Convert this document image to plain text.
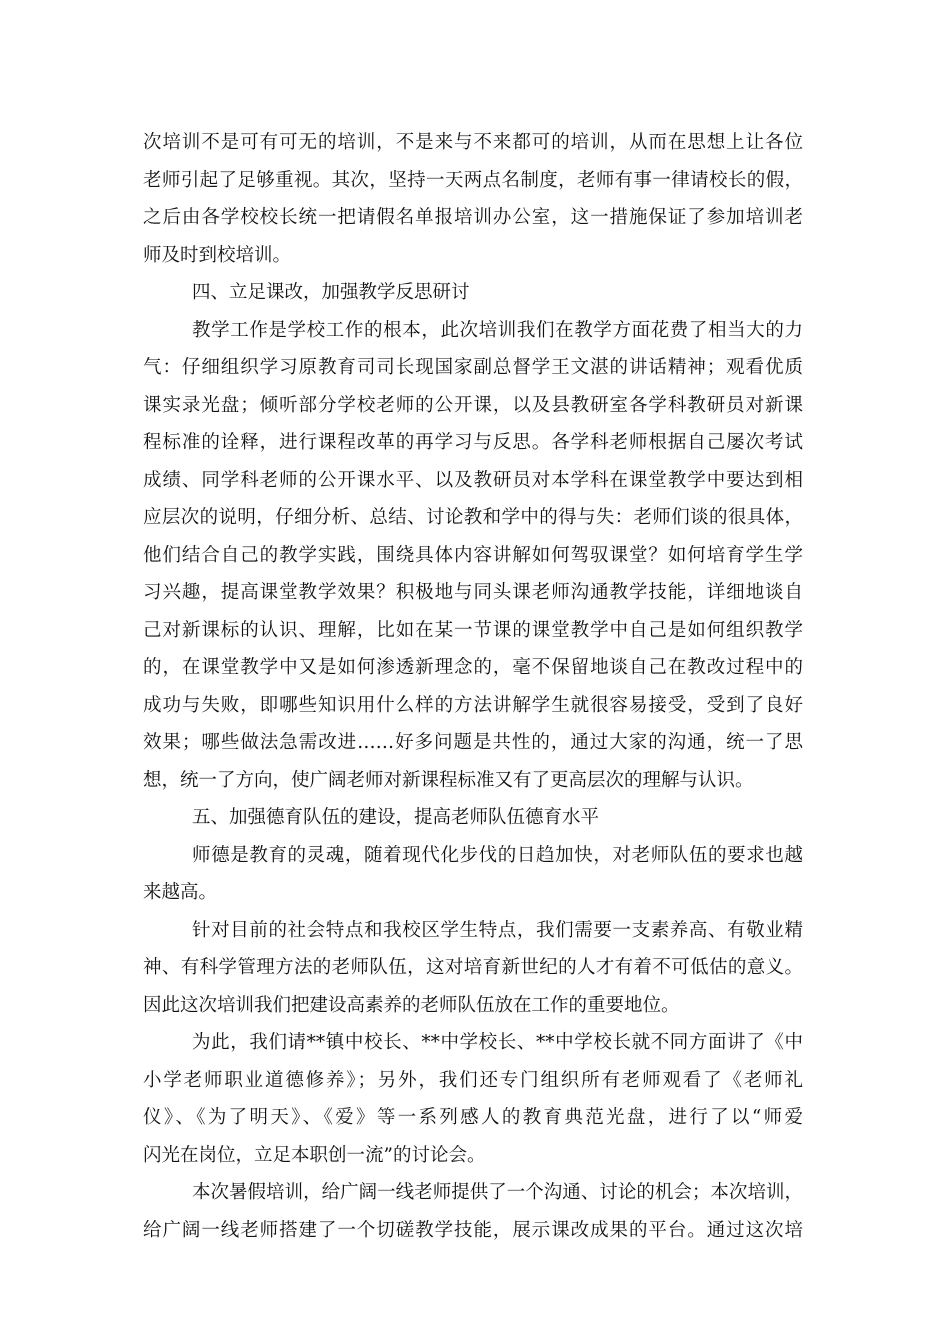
次培训不是可有可无的培训，不是来与不来都可的培训，从而在思想上让各位
老师引起了足够重视。其次，坚持一天两点名制度，老师有事一律请校长的假，
之后由各学校校长统一把请假名单报培训办公室，这一措施保证了参加培训老
师及时到校培训。
四、立足课改，加强教学反思研讨
教学工作是学校工作的根本，此次培训我们在教学方面花费了相当大的力
气：仔细组织学习原教育司司长现国家副总督学王文湛的讲话精神；观看优质
课实录光盘；倾听部分学校老师的公开课，以及县教研室各学科教研员对新课
程标准的诠释，进行课程改革的再学习与反思。各学科老师根据自己屡次考试
成绩、同学科老师的公开课水平、以及教研员对本学科在课堂教学中要达到相
应层次的说明，仔细分析、总结、讨论教和学中的得与失：老师们谈的很具体，
他们结合自己的教学实践，围绕具体内容讲解如何驾驭课堂？如何培育学生学
习兴趣，提高课堂教学效果？积极地与同头课老师沟通教学技能，详细地谈自
己对新课标的认识、理解，比如在某一节课的课堂教学中自己是如何组织教学
的，在课堂教学中又是如何渗透新理念的，毫不保留地谈自己在教改过程中的
成功与失败，即哪些知识用什么样的方法讲解学生就很容易接受，受到了良好
效果；哪些做法急需改进……好多问题是共性的，通过大家的沟通，统一了思
想，统一了方向，使广阔老师对新课程标准又有了更高层次的理解与认识。
五、加强德育队伍的建设，提高老师队伍德育水平
师德是教育的灵魂，随着现代化步伐的日趋加快，对老师队伍的要求也越
来越高。
针对目前的社会特点和我校区学生特点，我们需要一支素养高、有敬业精
神、有科学管理方法的老师队伍，这对培育新世纪的人才有着不可低估的意义。
因此这次培训我们把建设高素养的老师队伍放在工作的重要地位。
为此，我们请**镇中校长、**中学校长、**中学校长就不同方面讲了《中
小学老师职业道德修养》；另外，我们还专门组织所有老师观看了《老师礼
仪》、《为了明天》、《爱》等一系列感人的教育典范光盘，进行了以“师爱
闪光在岗位，立足本职创一流”的讨论会。
本次暑假培训，给广阔一线老师提供了一个沟通、讨论的机会；本次培训，
给广阔一线老师搭建了一个切磋教学技能，展示课改成果的平台。通过这次培
